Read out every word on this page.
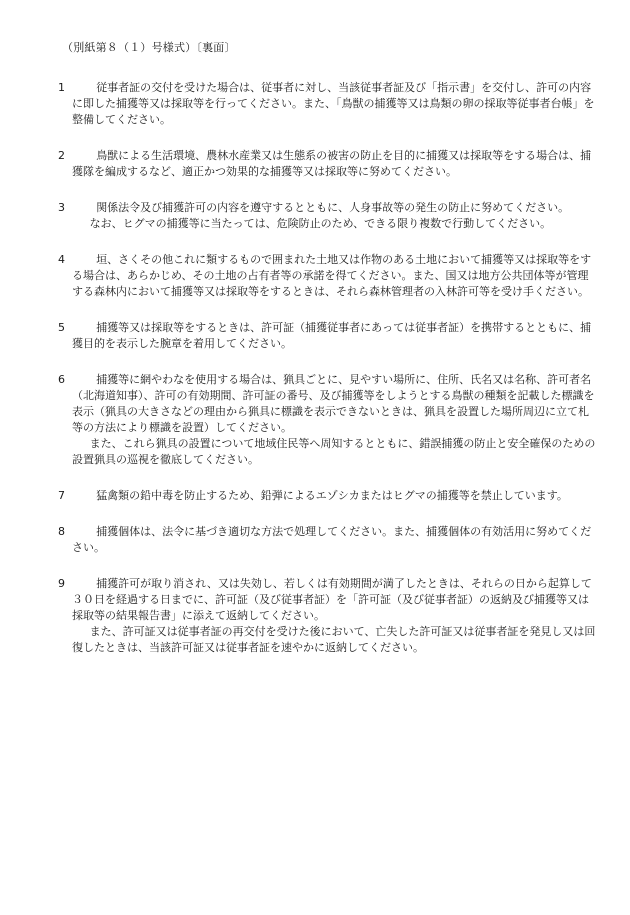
（別紙第８（１）号様式）〔裏面〕
1	従事者証の交付を受けた場合は、従事者に対し、当該従事者証及び「指示書」を交付し、許可の内容に即した捕獲等又は採取等を行ってください。また、「鳥獣の捕獲等又は鳥類の卵の採取等従事者台帳」を整備してください。

2	鳥獣による生活環境、農林水産業又は生態系の被害の防止を目的に捕獲又は採取等をする場合は、捕獲隊を編成するなど、適正かつ効果的な捕獲等又は採取等に努めてください。

3	関係法令及び捕獲許可の内容を遵守するとともに、人身事故等の発生の防止に努めてください。

なお、ヒグマの捕獲等に当たっては、危険防止のため、できる限り複数で行動してください。

4	垣、さくその他これに類するもので囲まれた土地又は作物のある土地において捕獲等又は採取等をする場合は、あらかじめ、その土地の占有者等の承諾を得てください。また、国又は地方公共団体等が管理する森林内において捕獲等又は採取等をするときは、それら森林管理者の入林許可等を受け手ください。

5	捕獲等又は採取等をするときは、許可証（捕獲従事者にあっては従事者証）を携帯するとともに、捕獲目的を表示した腕章を着用してください。

6	捕獲等に網やわなを使用する場合は、猟具ごとに、見やすい場所に、住所、氏名又は名称、許可者名（北海道知事）、許可の有効期間、許可証の番号、及び捕獲等をしようとする鳥獣の種類を記載した標識を表示（猟具の大きさなどの理由から猟具に標識を表示できないときは、猟具を設置した場所周辺に立て札等の方法により標識を設置）してください。

また、これら猟具の設置について地域住民等へ周知するとともに、錯誤捕獲の防止と安全確保のための設置猟具の巡視を徹底してください。

7	猛禽類の鉛中毒を防止するため、鉛弾によるエゾシカまたはヒグマの捕獲等を禁止しています。

8	捕獲個体は、法令に基づき適切な方法で処理してください。また、捕獲個体の有効活用に努めてください。

9	捕獲許可が取り消され、又は失効し、若しくは有効期間が満了したときは、それらの日から起算して３０日を経過する日までに、許可証（及び従事者証）を「許可証（及び従事者証）の返納及び捕獲等又は採取等の結果報告書」に添えて返納してください。

また、許可証又は従事者証の再交付を受けた後において、亡失した許可証又は従事者証を発見し又は回復したときは、当該許可証又は従事者証を速やかに返納してください。
